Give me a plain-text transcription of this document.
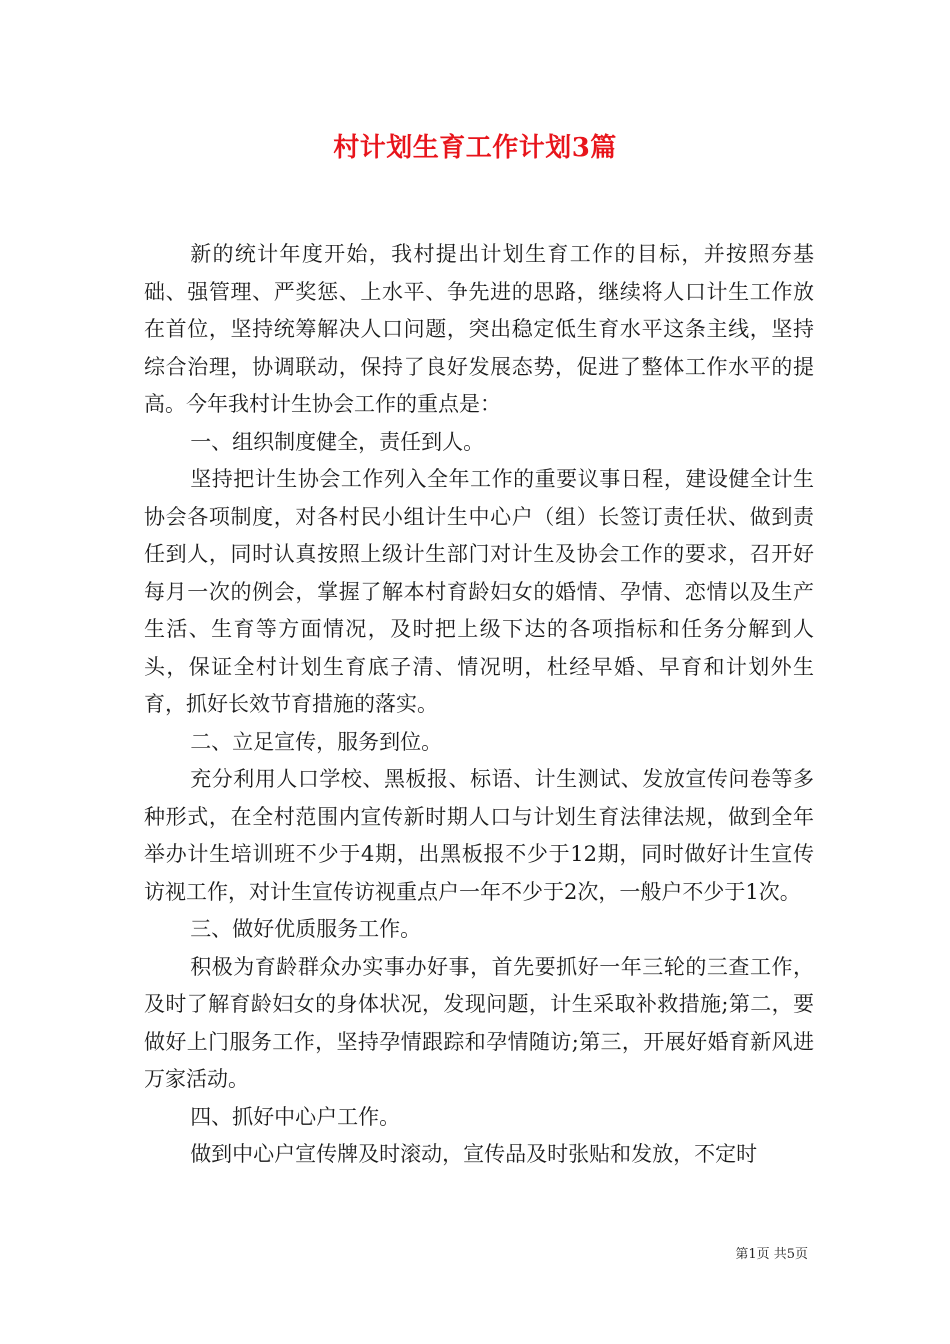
村计划生育工作计划3篇

新的统计年度开始，我村提出计划生育工作的目标，并按照夯基础、强管理、严奖惩、上水平、争先进的思路，继续将人口计生工作放在首位，坚持统筹解决人口问题，突出稳定低生育水平这条主线，坚持综合治理，协调联动，保持了良好发展态势，促进了整体工作水平的提高。今年我村计生协会工作的重点是：

一、组织制度健全，责任到人。

坚持把计生协会工作列入全年工作的重要议事日程，建设健全计生协会各项制度，对各村民小组计生中心户（组）长签订责任状、做到责任到人，同时认真按照上级计生部门对计生及协会工作的要求，召开好每月一次的例会，掌握了解本村育龄妇女的婚情、孕情、恋情以及生产生活、生育等方面情况，及时把上级下达的各项指标和任务分解到人头，保证全村计划生育底子清、情况明，杜经早婚、早育和计划外生育，抓好长效节育措施的落实。

二、立足宣传，服务到位。

充分利用人口学校、黑板报、标语、计生测试、发放宣传问卷等多种形式，在全村范围内宣传新时期人口与计划生育法律法规，做到全年举办计生培训班不少于4期，出黑板报不少于12期，同时做好计生宣传访视工作，对计生宣传访视重点户一年不少于2次，一般户不少于1次。

三、做好优质服务工作。

积极为育龄群众办实事办好事，首先要抓好一年三轮的三查工作，及时了解育龄妇女的身体状况，发现问题，计生采取补救措施;第二，要做好上门服务工作，坚持孕情跟踪和孕情随访;第三，开展好婚育新风进万家活动。

四、抓好中心户工作。

做到中心户宣传牌及时滚动，宣传品及时张贴和发放，不定时

第1页 共5页
